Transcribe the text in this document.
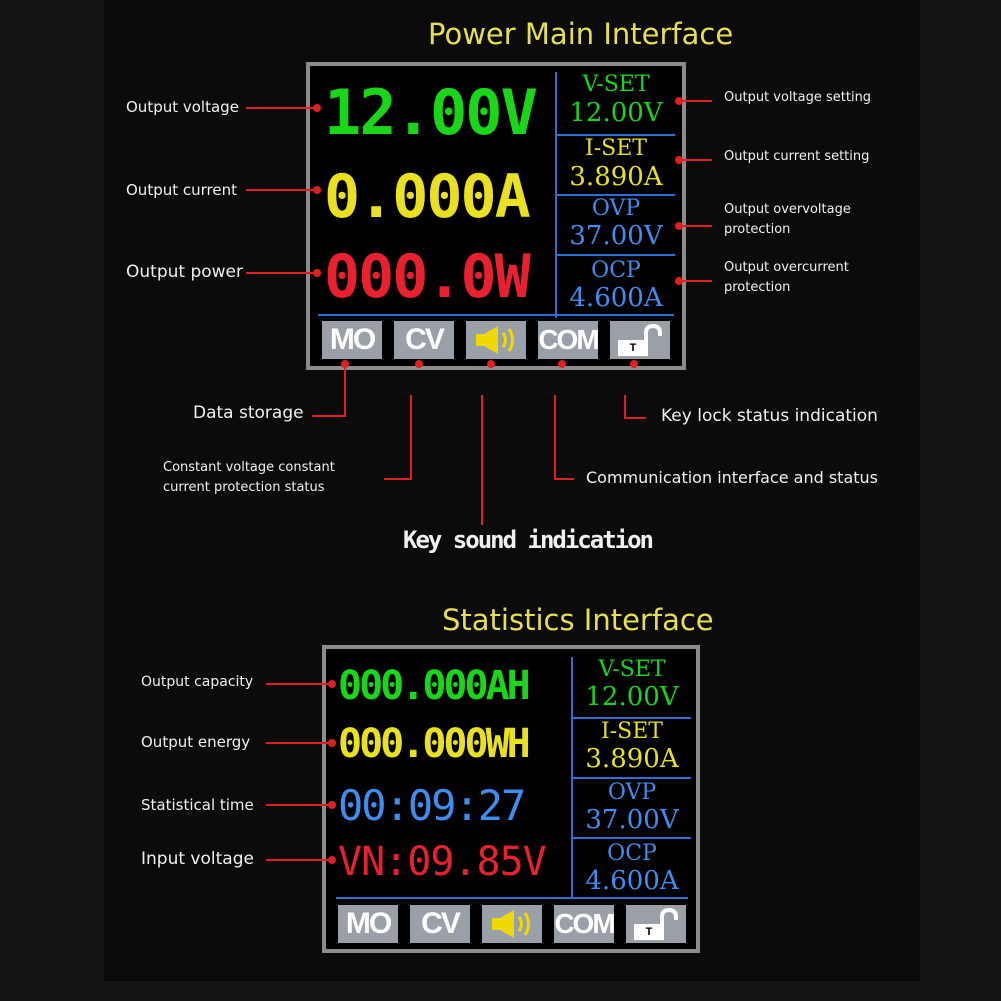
Power Main Interface
12.00V
0.000A
000.0W
V-SET
12.00V
I-SET
3.890A
OVP
37.00V
OCP
4.600A
MO	CV	COM	T
Output voltage
Output current
Output power
Output voltage setting
Output current setting
Output overvoltage
protection
Output overcurrent
protection
Data storage
Constant voltage constant
current protection status
Key sound indication
Communication interface and status
Key lock status indication
Statistics Interface
000.000AH
000.000WH
00:09:27
VN:09.85V
V-SET
12.00V
I-SET
3.890A
OVP
37.00V
OCP
4.600A
MO	CV	COM	T
Output capacity
Output energy
Statistical time
Input voltage
